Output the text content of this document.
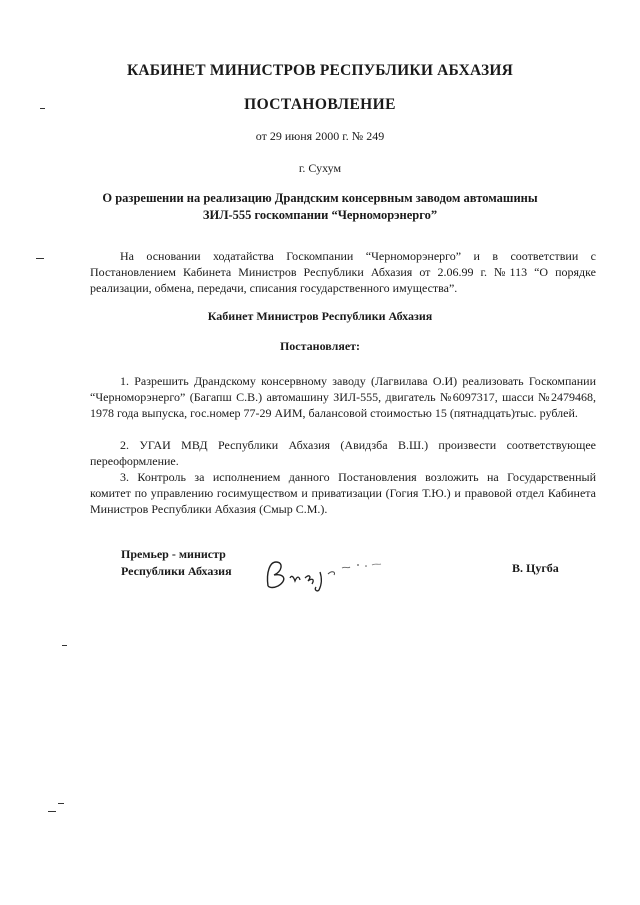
КАБИНЕТ МИНИСТРОВ РЕСПУБЛИКИ АБХАЗИЯ
ПОСТАНОВЛЕНИЕ
от 29 июня 2000 г. № 249
г. Сухум
О разрешении на реализацию Драндским консервным заводом автомашины
ЗИЛ-555 госкомпании “Черноморэнерго”
На основании ходатайства Госкомпании “Черноморэнерго” и в соответствии с Постановлением Кабинета Министров Республики Абхазия от 2.06.99 г. №113 “О порядке реализации, обмена, передачи, списания государственного имущества”.
Кабинет Министров Республики Абхазия
Постановляет:
1. Разрешить Драндскому консервному заводу (Лагвилава О.И) реализовать Госкомпании “Черноморэнерго” (Багапш С.В.) автомашину ЗИЛ-555, двигатель №6097317, шасси №2479468, 1978 года выпуска, гос.номер 77-29 АИМ, балансовой стоимостью 15 (пятнадцать)тыс. рублей.
2. УГАИ МВД Республики Абхазия (Авидзба В.Ш.) произвести соответствующее переоформление.
3. Контроль за исполнением данного Постановления возложить на Государственный комитет по управлению госимуществом и приватизации (Гогия Т.Ю.) и правовой отдел Кабинета Министров Республики Абхазия (Смыр С.М.).
Премьер - министр
Республики Абхазия	В. Цугба
